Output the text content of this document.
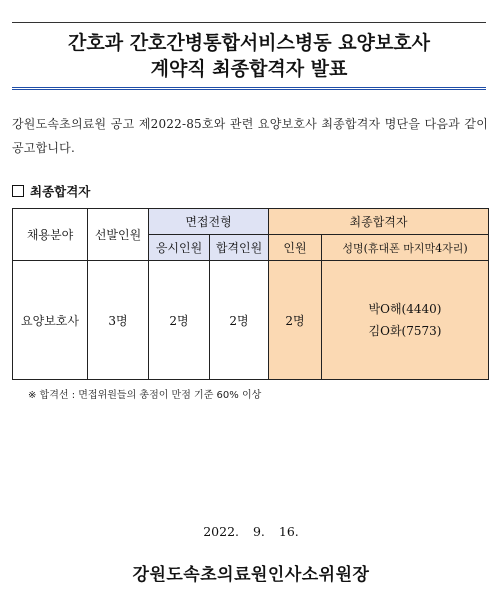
간호과 간호간병통합서비스병동 요양보호사
계약직 최종합격자 발표
강원도속초의료원 공고 제2022-85호와 관련 요양보호사 최종합격자 명단을 다음과 같이 공고합니다.
최종합격자
채용분야	선발인원	면접전형		최종합격자	
		응시인원	합격인원	인원	성명(휴대폰 마지막4자리)
요양보호사	3명	2명	2명	2명	박O해(4440)
김O화(7573)
※ 합격선 : 면접위원들의 총점이 만점 기준 60% 이상
2022. 9. 16.
강원도속초의료원인사소위원장
